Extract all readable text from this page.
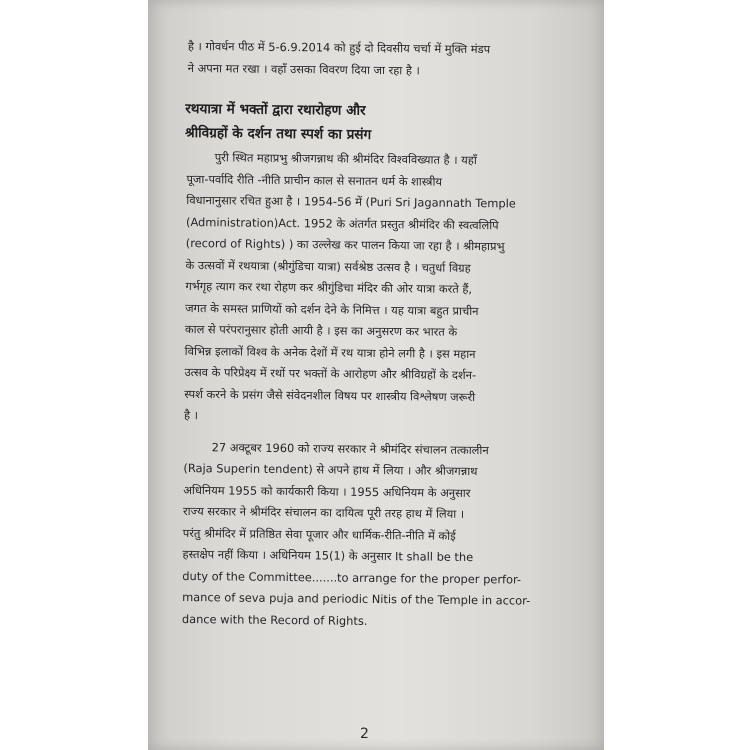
है । गोवर्धन पीठ में 5-6.9.2014 को हुई दो दिवसीय चर्चा में मुक्ति मंडप

ने अपना मत रखा । वहाँ उसका विवरण दिया जा रहा है ।

रथयात्रा में भक्तों द्वारा रथारोहण और

श्रीविग्रहों के दर्शन तथा स्पर्श का प्रसंग

पुरी स्थित महाप्रभु श्रीजगन्नाथ की श्रीमंदिर विश्वविख्यात है । यहाँ

पूजा-पर्वादि रीति -नीति प्राचीन काल से सनातन धर्म के शास्त्रीय

विधानानुसार रचित हुआ है । 1954-56 में (Puri Sri Jagannath Temple

(Administration)Act. 1952 के अंतर्गत प्रस्तुत श्रीमंदिर की स्वत्वलिपि

(record of Rights) ) का उल्लेख कर पालन किया जा रहा है । श्रीमहाप्रभु

के उत्सवों में रथयात्रा (श्रीगुंडिचा यात्रा) सर्वश्रेष्ठ उत्सव है । चतुर्धा विग्रह

गर्भगृह त्याग कर रथा रोहण कर श्रीगुंडिचा मंदिर की ओर यात्रा करते हैं,

जगत के समस्त प्राणियों को दर्शन देने के निमित्त । यह यात्रा बहुत प्राचीन

काल से परंपरानुसार होती आयी है । इस का अनुसरण कर भारत के

विभिन्न इलाकों विश्व के अनेक देशों में रथ यात्रा होने लगी है । इस महान

उत्सव के परिप्रेक्ष्य में रथों पर भक्तों के आरोहण और श्रीविग्रहों के दर्शन-

स्पर्श करने के प्रसंग जैसे संवेदनशील विषय पर शास्त्रीय विश्लेषण जरूरी

है ।

27 अक्टूबर 1960 को राज्य सरकार ने श्रीमंदिर संचालन तत्कालीन

(Raja Superin tendent) से अपने हाथ में लिया । और श्रीजगन्नाथ

अधिनियम 1955 को कार्यकारी किया । 1955 अधिनियम के अनुसार

राज्य सरकार ने श्रीमंदिर संचालन का दायित्व पूरी तरह हाथ में लिया ।

परंतु श्रीमंदिर में प्रतिष्ठित सेवा पूजार और धार्मिक-रीति-नीति में कोई

हस्तक्षेप नहीं किया । अधिनियम 15(1) के अनुसार It shall be the

duty of the Committee.......to arrange for the proper perfor-

mance of seva puja and periodic Nitis of the Temple in accor-

dance with the Record of Rights.

2
